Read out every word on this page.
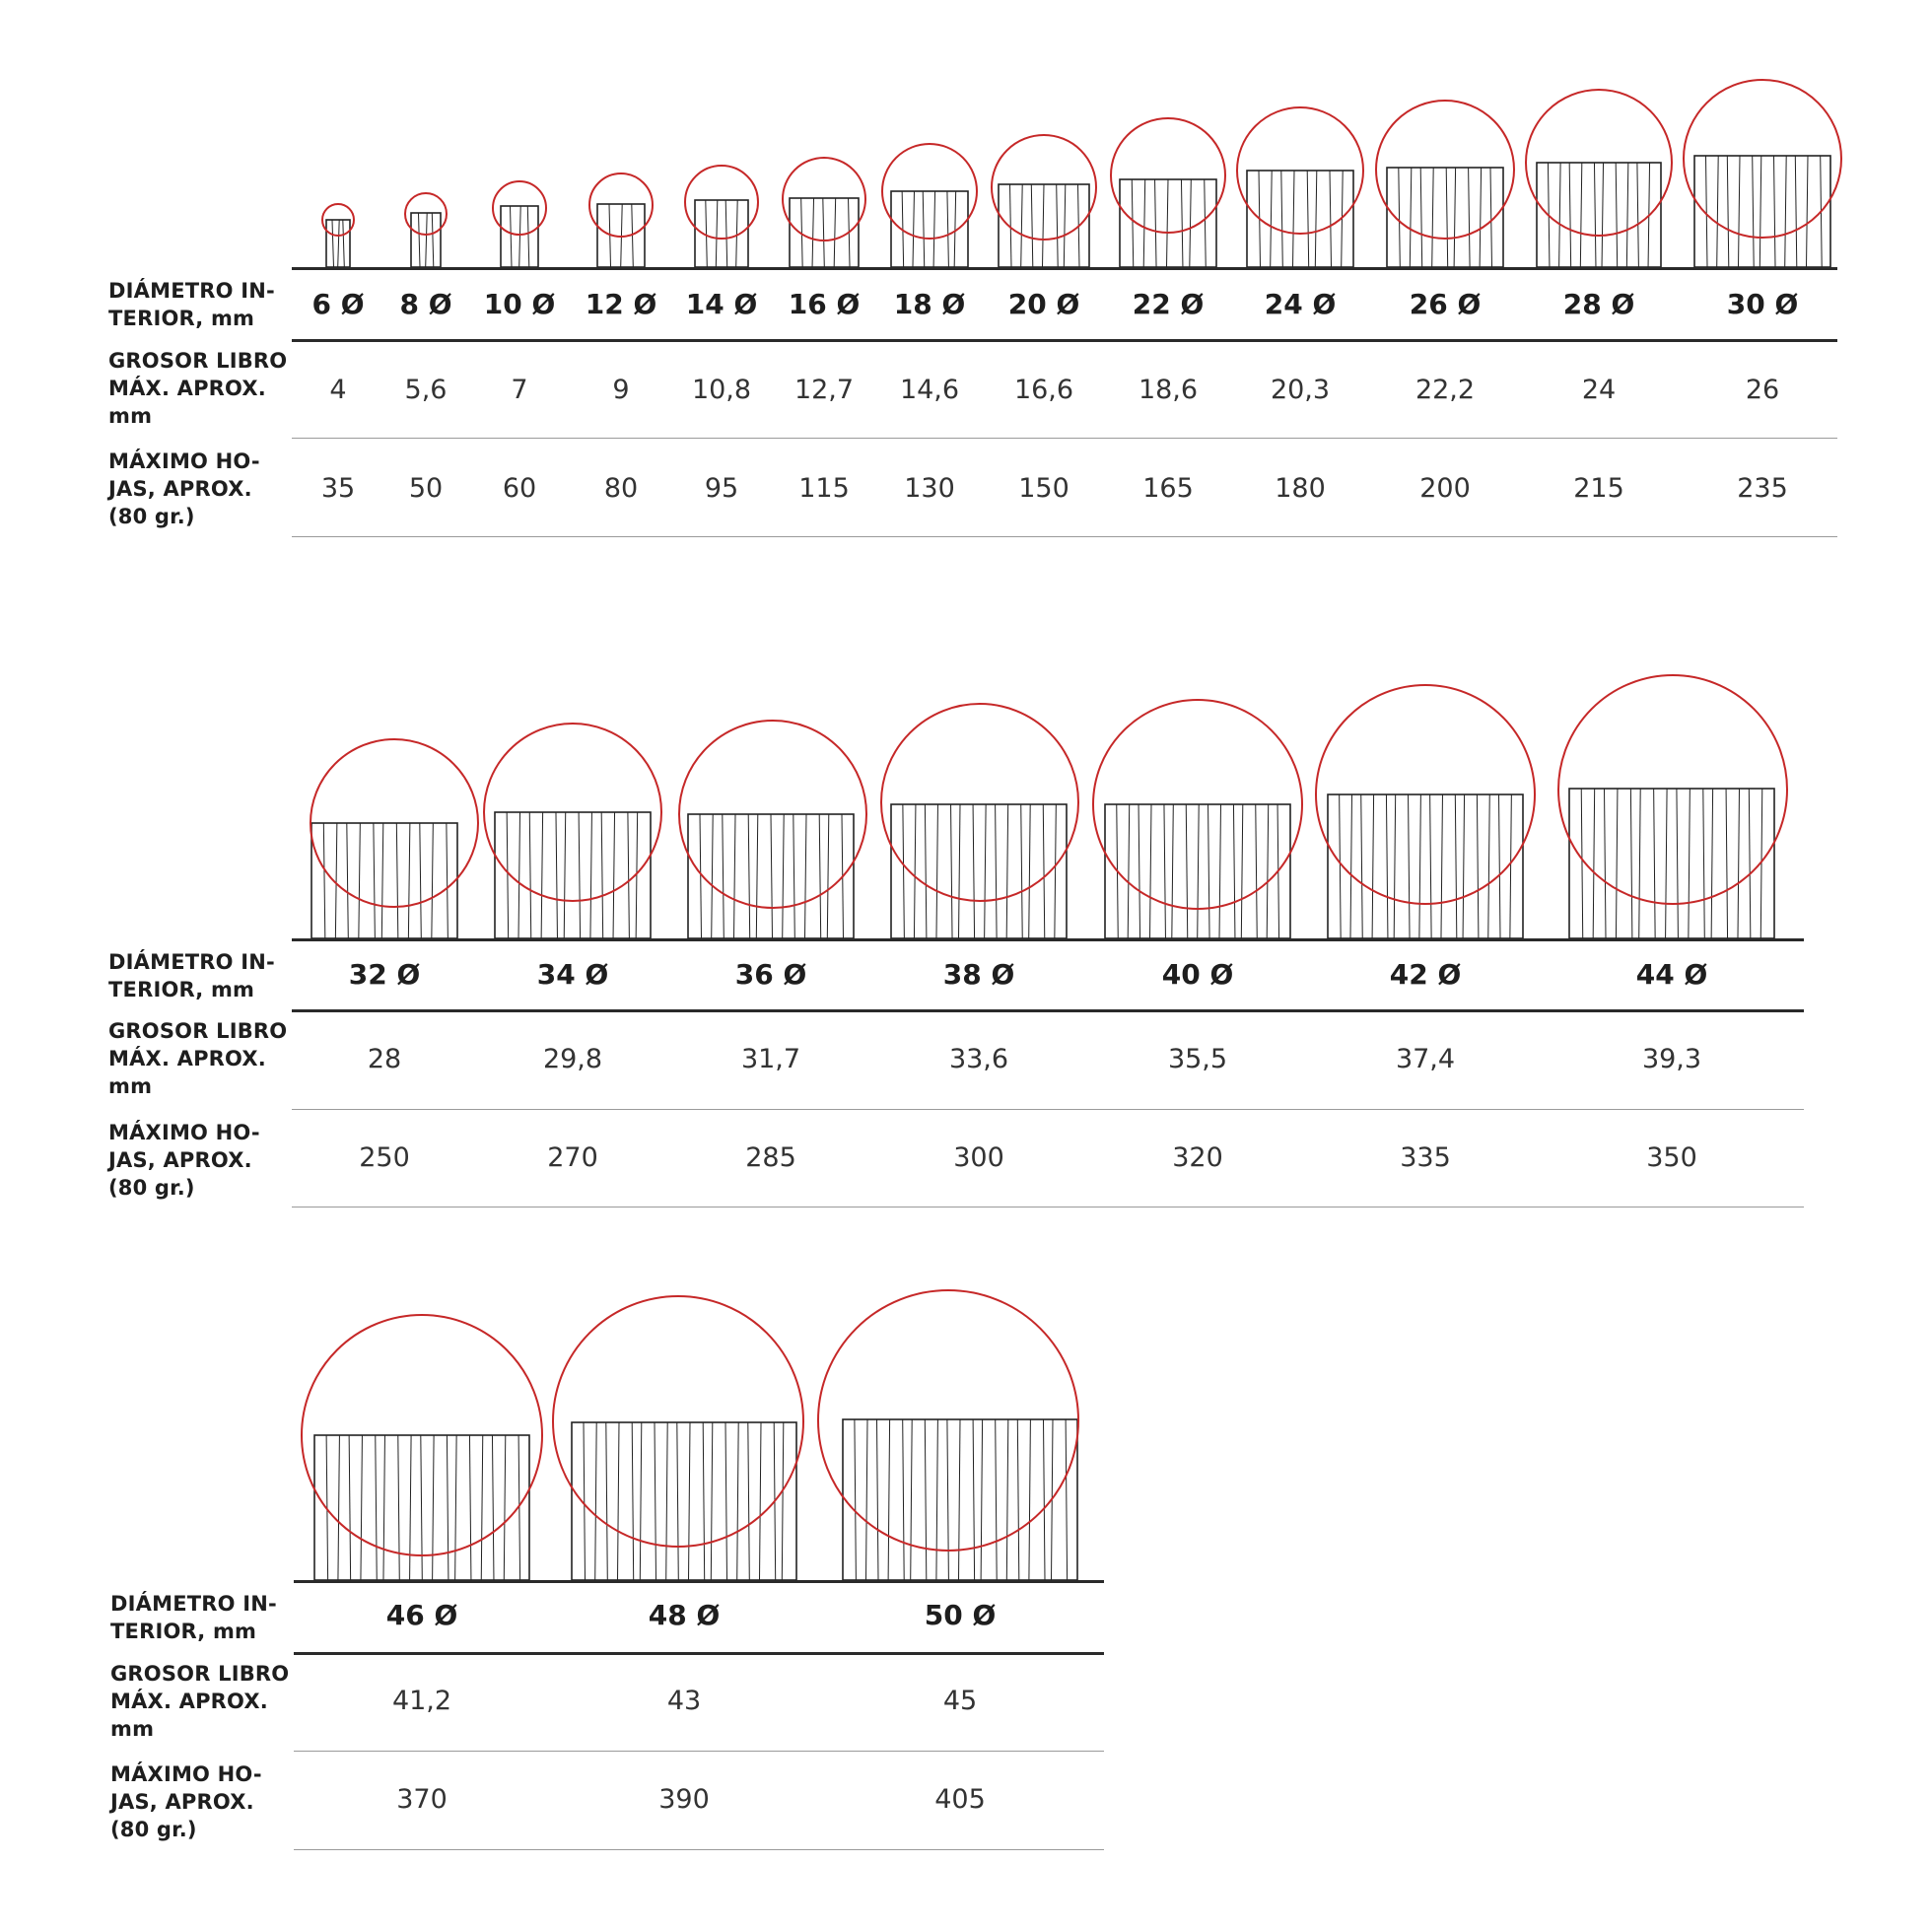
DIÁMETRO IN-
TERIOR, mm
GROSOR LIBRO
MÁX. APROX.
mm
MÁXIMO HO-
JAS, APROX.
(80 gr.)
6 Ø
4
35
8 Ø
5,6
50
10 Ø
7
60
12 Ø
9
80
14 Ø
10,8
95
16 Ø
12,7
115
18 Ø
14,6
130
20 Ø
16,6
150
22 Ø
18,6
165
24 Ø
20,3
180
26 Ø
22,2
200
28 Ø
24
215
30 Ø
26
235
DIÁMETRO IN-
TERIOR, mm
GROSOR LIBRO
MÁX. APROX.
mm
MÁXIMO HO-
JAS, APROX.
(80 gr.)
32 Ø
28
250
34 Ø
29,8
270
36 Ø
31,7
285
38 Ø
33,6
300
40 Ø
35,5
320
42 Ø
37,4
335
44 Ø
39,3
350
DIÁMETRO IN-
TERIOR, mm
GROSOR LIBRO
MÁX. APROX.
mm
MÁXIMO HO-
JAS, APROX.
(80 gr.)
46 Ø
41,2
370
48 Ø
43
390
50 Ø
45
405
